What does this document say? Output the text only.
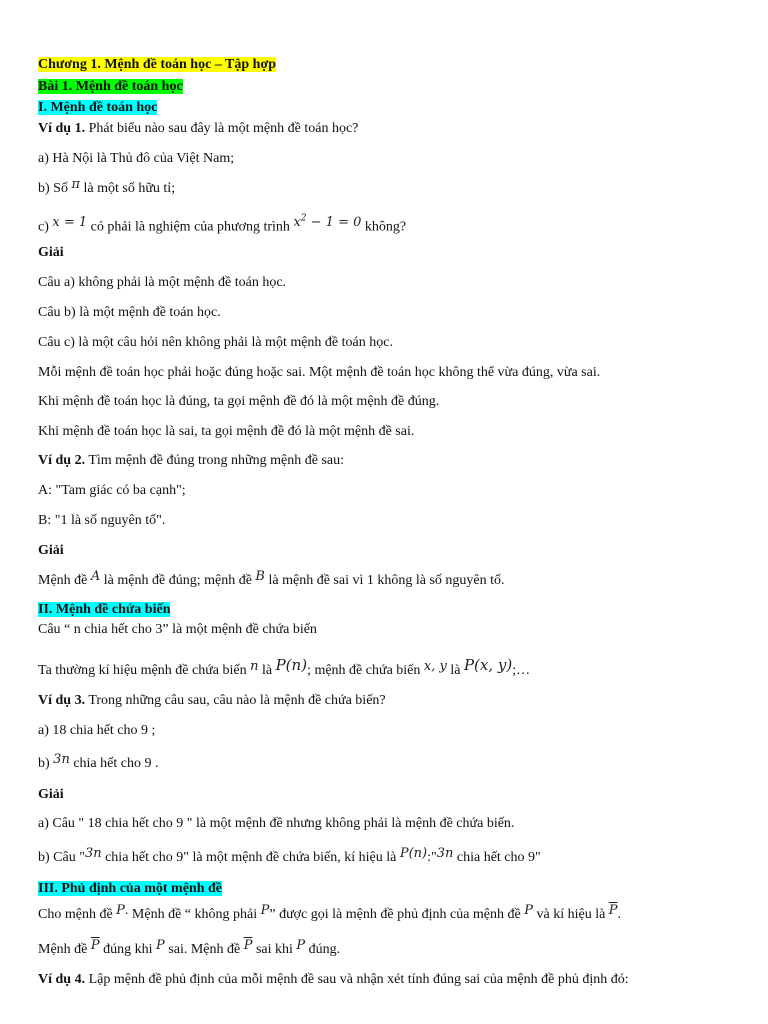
Chương 1. Mệnh đề toán học – Tập hợp
Bài 1. Mệnh đề toán học
I. Mệnh đề toán học
Ví dụ 1. Phát biểu nào sau đây là một mệnh đề toán học?
a) Hà Nội là Thủ đô của Việt Nam;
b) Số π là một số hữu tỉ;
c) x = 1 có phải là nghiệm của phương trình $x^2 - 1 = 0$ không?
Giải
Câu a) không phải là một mệnh đề toán học.
Câu b) là một mệnh đề toán học.
Câu c) là một câu hỏi nên không phải là một mệnh đề toán học.
Mỗi mệnh đề toán học phải hoặc đúng hoặc sai. Một mệnh đề toán học không thể vừa đúng, vừa sai.
Khi mệnh đề toán học là đúng, ta gọi mệnh đề đó là một mệnh đề đúng.
Khi mệnh đề toán học là sai, ta gọi mệnh đề đó là một mệnh đề sai.
Ví dụ 2. Tìm mệnh đề đúng trong những mệnh đề sau:
A: "Tam giác có ba cạnh";
B: "1 là số nguyên tố".
Giải
Mệnh đề A là mệnh đề đúng; mệnh đề B là mệnh đề sai vì 1 không là số nguyên tố.
II. Mệnh đề chứa biến
Câu “ n chia hết cho 3” là một mệnh đề chứa biến
Ta thường kí hiệu mệnh đề chứa biến n là P(n); mệnh đề chứa biến x, y là P(x, y);…
Ví dụ 3. Trong những câu sau, câu nào là mệnh đề chứa biến?
a) 18 chia hết cho 9 ;
b) 3n chia hết cho 9 .
Giải
a) Câu " 18 chia hết cho 9 " là một mệnh đề nhưng không phải là mệnh đề chứa biến.
b) Câu "3n chia hết cho 9" là một mệnh đề chứa biến, kí hiệu là P(n):"3n chia hết cho 9"
III. Phủ định của một mệnh đề
Cho mệnh đề P. Mệnh đề “ không phải P” được gọi là mệnh đề phủ định của mệnh đề P và kí hiệu là $\overline{P}$.
Mệnh đề $\overline{P}$ đúng khi P sai. Mệnh đề $\overline{P}$ sai khi P đúng.
Ví dụ 4. Lập mệnh đề phủ định của mỗi mệnh đề sau và nhận xét tính đúng sai của mệnh đề phủ định đó:
